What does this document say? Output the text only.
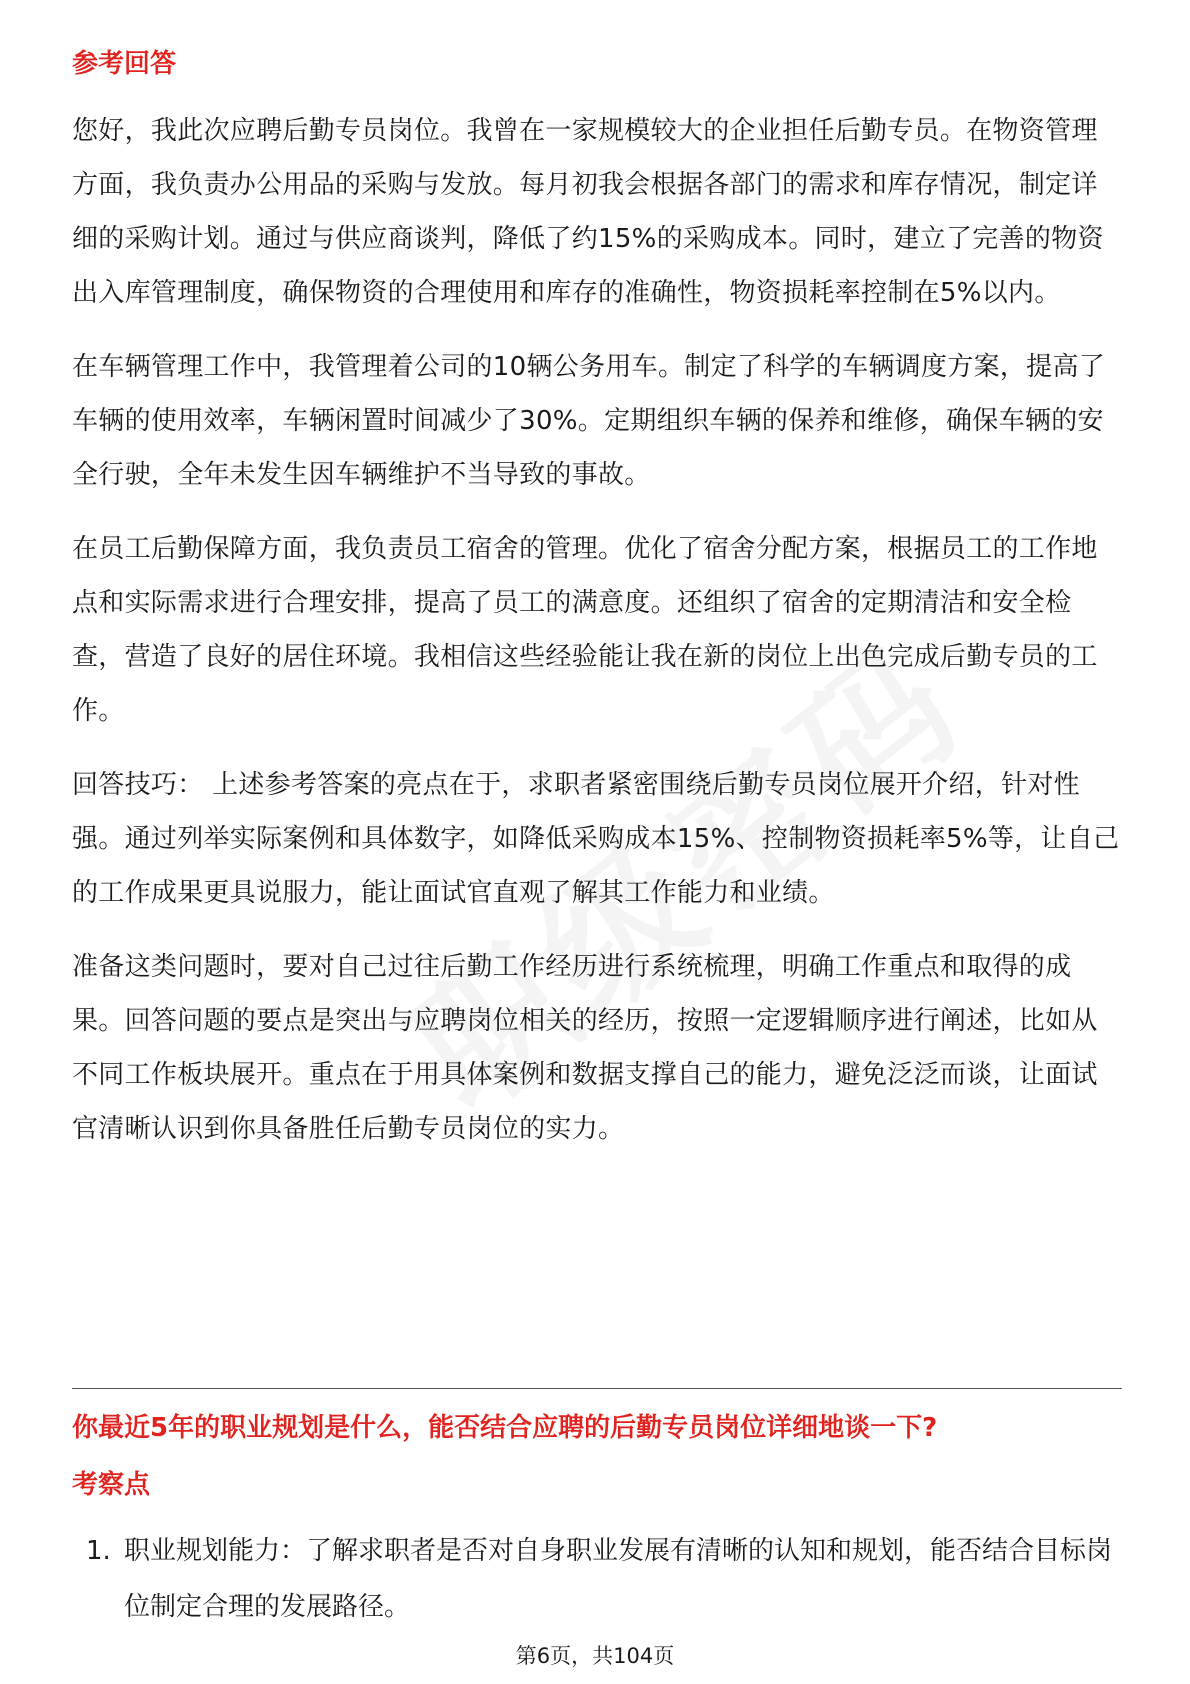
参考回答

您好，我此次应聘后勤专员岗位。我曾在一家规模较大的企业担任后勤专员。在物资管理方面，我负责办公用品的采购与发放。每月初我会根据各部门的需求和库存情况，制定详细的采购计划。通过与供应商谈判，降低了约15%的采购成本。同时，建立了完善的物资出入库管理制度，确保物资的合理使用和库存的准确性，物资损耗率控制在5%以内。

在车辆管理工作中，我管理着公司的10辆公务用车。制定了科学的车辆调度方案，提高了车辆的使用效率，车辆闲置时间减少了30%。定期组织车辆的保养和维修，确保车辆的安全行驶，全年未发生因车辆维护不当导致的事故。

在员工后勤保障方面，我负责员工宿舍的管理。优化了宿舍分配方案，根据员工的工作地点和实际需求进行合理安排，提高了员工的满意度。还组织了宿舍的定期清洁和安全检查，营造了良好的居住环境。我相信这些经验能让我在新的岗位上出色完成后勤专员的工作。

回答技巧： 上述参考答案的亮点在于，求职者紧密围绕后勤专员岗位展开介绍，针对性强。通过列举实际案例和具体数字，如降低采购成本15%、控制物资损耗率5%等，让自己的工作成果更具说服力，能让面试官直观了解其工作能力和业绩。

准备这类问题时，要对自己过往后勤工作经历进行系统梳理，明确工作重点和取得的成果。回答问题的要点是突出与应聘岗位相关的经历，按照一定逻辑顺序进行阐述，比如从不同工作板块展开。重点在于用具体案例和数据支撑自己的能力，避免泛泛而谈，让面试官清晰认识到你具备胜任后勤专员岗位的实力。

你最近5年的职业规划是什么，能否结合应聘的后勤专员岗位详细地谈一下?
考察点
1. 职业规划能力：了解求职者是否对自身职业发展有清晰的认知和规划，能否结合目标岗位制定合理的发展路径。
第6页，共104页
